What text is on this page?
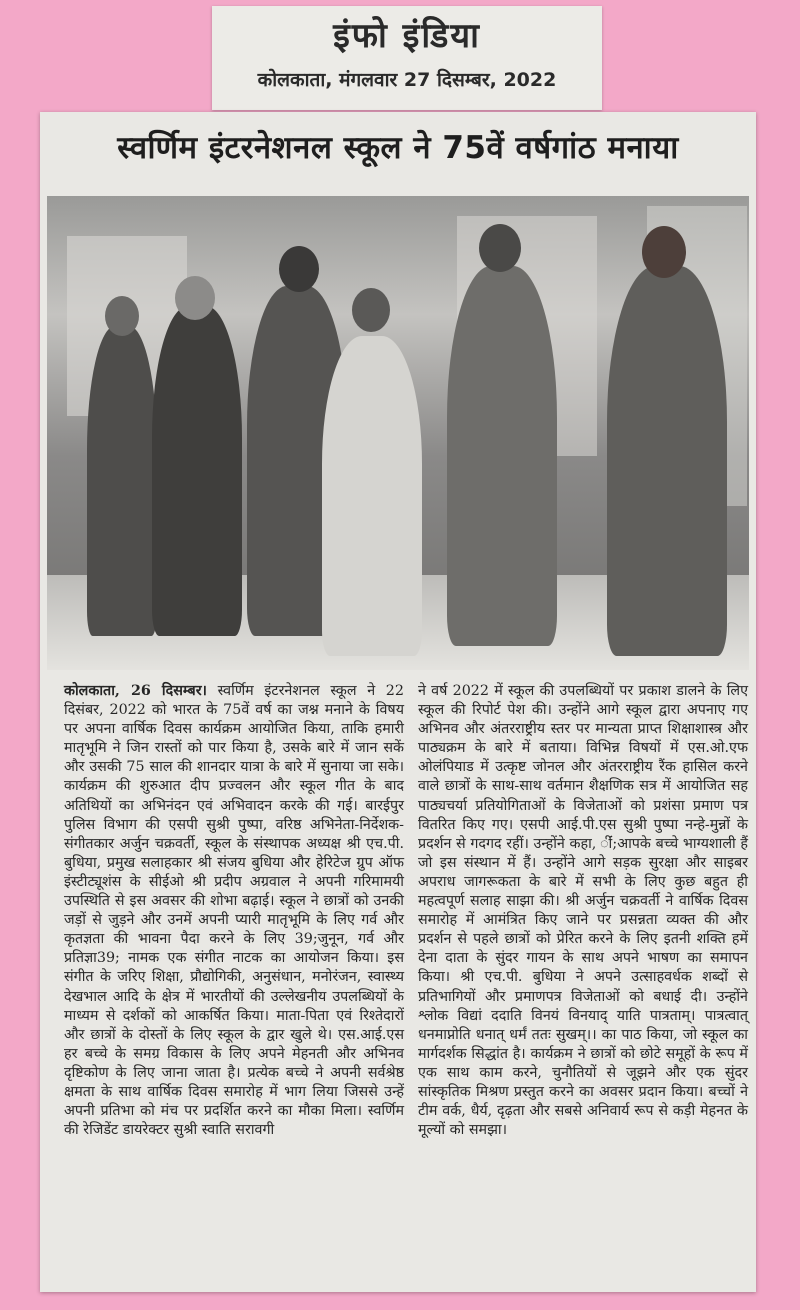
इंफो इंडिया
कोलकाता, मंगलवार 27 दिसम्बर, 2022
स्वर्णिम इंटरनेशनल स्कूल ने 75वें वर्षगांठ मनाया

कोलकाता, 26 दिसम्बर। स्वर्णिम इंटरनेशनल स्कूल ने 22 दिसंबर, 2022 को भारत के 75वें वर्ष का जश्न मनाने के विषय पर अपना वार्षिक दिवस कार्यक्रम आयोजित किया, ताकि हमारी मातृभूमि ने जिन रास्तों को पार किया है, उसके बारे में जान सकें और उसकी 75 साल की शानदार यात्रा के बारे में सुनाया जा सके। कार्यक्रम की शुरुआत दीप प्रज्वलन और स्कूल गीत के बाद अतिथियों का अभिनंदन एवं अभिवादन करके की गई। बारईपुर पुलिस विभाग की एसपी सुश्री पुष्पा, वरिष्ठ अभिनेता-निर्देशक-संगीतकार अर्जुन चक्रवर्ती, स्कूल के संस्थापक अध्यक्ष श्री एच.पी. बुधिया, प्रमुख सलाहकार श्री संजय बुधिया और हेरिटेज ग्रुप ऑफ इंस्टीट्यूशंस के सीईओ श्री प्रदीप अग्रवाल ने अपनी गरिमामयी उपस्थिति से इस अवसर की शोभा बढ़ाई। स्कूल ने छात्रों को उनकी जड़ों से जुड़ने और उनमें अपनी प्यारी मातृभूमि के लिए गर्व और कृतज्ञता की भावना पैदा करने के लिए 39;जुनून, गर्व और प्रतिज्ञा39; नामक एक संगीत नाटक का आयोजन किया। इस संगीत के जरिए शिक्षा, प्रौद्योगिकी, अनुसंधान, मनोरंजन, स्वास्थ्य देखभाल आदि के क्षेत्र में भारतीयों की उल्लेखनीय उपलब्धियों के माध्यम से दर्शकों को आकर्षित किया। माता-पिता एवं रिश्तेदारों और छात्रों के दोस्तों के लिए स्कूल के द्वार खुले थे। एस.आई.एस हर बच्चे के समग्र विकास के लिए अपने मेहनती और अभिनव दृष्टिकोण के लिए जाना जाता है। प्रत्येक बच्चे ने अपनी सर्वश्रेष्ठ क्षमता के साथ वार्षिक दिवस समारोह में भाग लिया जिससे उन्हें अपनी प्रतिभा को मंच पर प्रदर्शित करने का मौका मिला। स्वर्णिम की रेजिडेंट डायरेक्टर सुश्री स्वाति सरावगी

ने वर्ष 2022 में स्कूल की उपलब्धियों पर प्रकाश डालने के लिए स्कूल की रिपोर्ट पेश की। उन्होंने आगे स्कूल द्वारा अपनाए गए अभिनव और अंतरराष्ट्रीय स्तर पर मान्यता प्राप्त शिक्षाशास्त्र और पाठ्यक्रम के बारे में बताया। विभिन्न विषयों में एस.ओ.एफ ओलंपियाड में उत्कृष्ट जोनल और अंतरराष्ट्रीय रैंक हासिल करने वाले छात्रों के साथ-साथ वर्तमान शैक्षणिक सत्र में आयोजित सह पाठ्यचर्या प्रतियोगिताओं के विजेताओं को प्रशंसा प्रमाण पत्र वितरित किए गए। एसपी आई.पी.एस सुश्री पुष्पा नन्हे-मुन्नों के प्रदर्शन से गदगद रहीं। उन्होंने कहा, ींं;आपके बच्चे भाग्यशाली हैं जो इस संस्थान में हैं। उन्होंने आगे सड़क सुरक्षा और साइबर अपराध जागरूकता के बारे में सभी के लिए कुछ बहुत ही महत्वपूर्ण सलाह साझा की। श्री अर्जुन चक्रवर्ती ने वार्षिक दिवस समारोह में आमंत्रित किए जाने पर प्रसन्नता व्यक्त की और प्रदर्शन से पहले छात्रों को प्रेरित करने के लिए इतनी शक्ति हमें देना दाता के सुंदर गायन के साथ अपने भाषण का समापन किया। श्री एच.पी. बुधिया ने अपने उत्साहवर्धक शब्दों से प्रतिभागियों और प्रमाणपत्र विजेताओं को बधाई दी। उन्होंने श्लोक विद्यां ददाति विनयं विनयाद् याति पात्रताम्। पात्रत्वात् धनमाप्नोति धनात् धर्मं ततः सुखम्।। का पाठ किया, जो स्कूल का मार्गदर्शक सिद्धांत है। कार्यक्रम ने छात्रों को छोटे समूहों के रूप में एक साथ काम करने, चुनौतियों से जूझने और एक सुंदर सांस्कृतिक मिश्रण प्रस्तुत करने का अवसर प्रदान किया। बच्चों ने टीम वर्क, धैर्य, दृढ़ता और सबसे अनिवार्य रूप से कड़ी मेहनत के मूल्यों को समझा।
